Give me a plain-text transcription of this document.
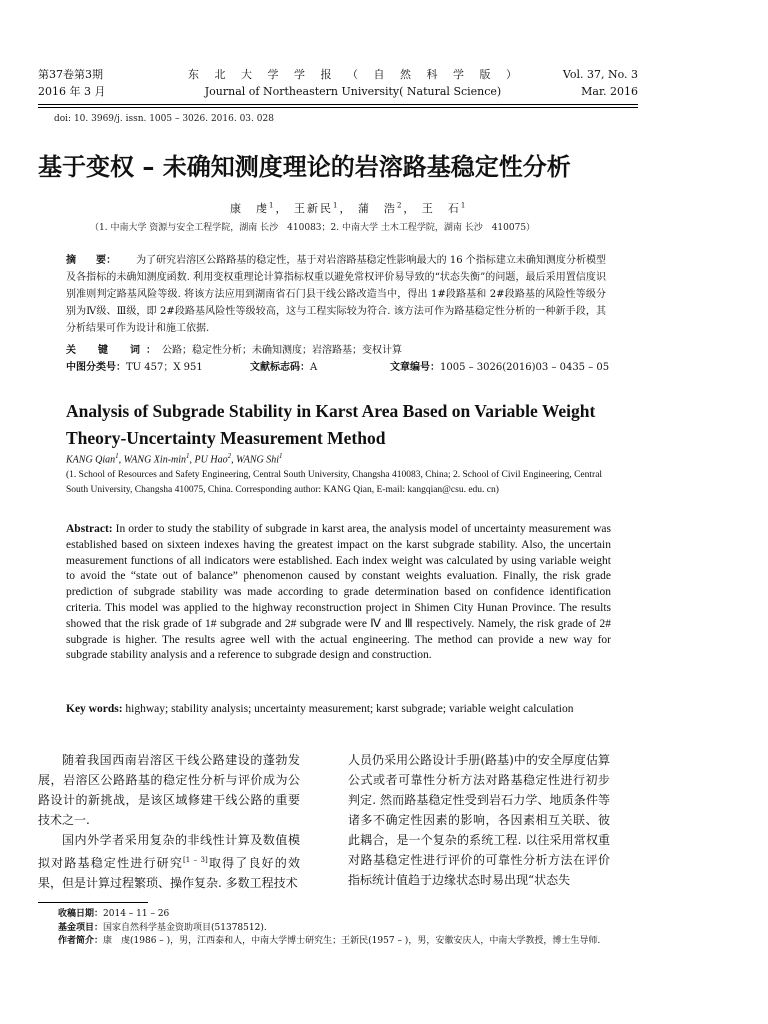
第37卷第3期
2016 年 3 月
东 北 大 学 学 报 （ 自 然 科 学 版 ）
Journal of Northeastern University( Natural Science)
Vol. 37, No. 3
Mar. 2016
doi: 10. 3969/j. issn. 1005 – 3026. 2016. 03. 028
基于变权 – 未确知测度理论的岩溶路基稳定性分析
康　虔$^1$， 王新民$^1$， 蒲　浩$^2$， 王　石$^1$
（1. 中南大学 资源与安全工程学院，湖南 长沙　410083；2. 中南大学 土木工程学院，湖南 长沙　410075）
摘　　要： 为了研究岩溶区公路路基的稳定性，基于对岩溶路基稳定性影响最大的 16 个指标建立未确知测度分析模型及各指标的未确知测度函数. 利用变权重理论计算指标权重以避免常权评价易导致的“状态失衡”的问题，最后采用置信度识别准则判定路基风险等级. 将该方法应用到湖南省石门县干线公路改造当中，得出 1#段路基和 2#段路基的风险性等级分别为Ⅳ级、Ⅲ级，即 2#段路基风险性等级较高，这与工程实际较为符合. 该方法可作为路基稳定性分析的一种新手段，其分析结果可作为设计和施工依据.
关　键　词：公路；稳定性分析；未确知测度；岩溶路基；变权计算
中图分类号：TU 457；X 951	文献标志码：A	文章编号：1005 – 3026(2016)03 – 0435 – 05
Analysis of Subgrade Stability in Karst Area Based on Variable Weight Theory-Uncertainty Measurement Method
KANG Qian$^1$, WANG Xin-$\min^1$, PU Hao$^2$, WANG Shi$^1$
(1. School of Resources and Safety Engineering, Central South University, Changsha 410083, China; 2. School of Civil Engineering, Central South University, Changsha 410075, China. Corresponding author: KANG Qian, E-mail: kangqian@csu. edu. cn)
Abstract: In order to study the stability of subgrade in karst area, the analysis model of uncertainty measurement was established based on sixteen indexes having the greatest impact on the karst subgrade stability. Also, the uncertain measurement functions of all indicators were established. Each index weight was calculated by using variable weight to avoid the “state out of balance” phenomenon caused by constant weights evaluation. Finally, the risk grade prediction of subgrade stability was made according to grade determination based on confidence identification criteria. This model was applied to the highway reconstruction project in Shimen City Hunan Province. The results showed that the risk grade of 1# subgrade and 2# subgrade were Ⅳ and Ⅲ respectively. Namely, the risk grade of 2# subgrade is higher. The results agree well with the actual engineering. The method can provide a new way for subgrade stability analysis and a reference to subgrade design and construction.
Key words: highway; stability analysis; uncertainty measurement; karst subgrade; variable weight calculation

随着我国西南岩溶区干线公路建设的蓬勃发展，岩溶区公路路基的稳定性分析与评价成为公路设计的新挑战，是该区域修建干线公路的重要技术之一.

国内外学者采用复杂的非线性计算及数值模拟对路基稳定性进行研究[1 – 3]取得了良好的效果，但是计算过程繁琐、操作复杂. 多数工程技术

人员仍采用公路设计手册(路基)中的安全厚度估算公式或者可靠性分析方法对路基稳定性进行初步判定. 然而路基稳定性受到岩石力学、地质条件等诸多不确定性因素的影响，各因素相互关联、彼此耦合，是一个复杂的系统工程. 以往采用常权重对路基稳定性进行评价的可靠性分析方法在评价指标统计值趋于边缘状态时易出现“状态失

收稿日期： 2014 – 11 – 26
基金项目： 国家自然科学基金资助项目(51378512).
作者简介： 康　虔(1986 – )，男，江西泰和人，中南大学博士研究生；王新民(1957 – )，男，安徽安庆人，中南大学教授，博士生导师.
